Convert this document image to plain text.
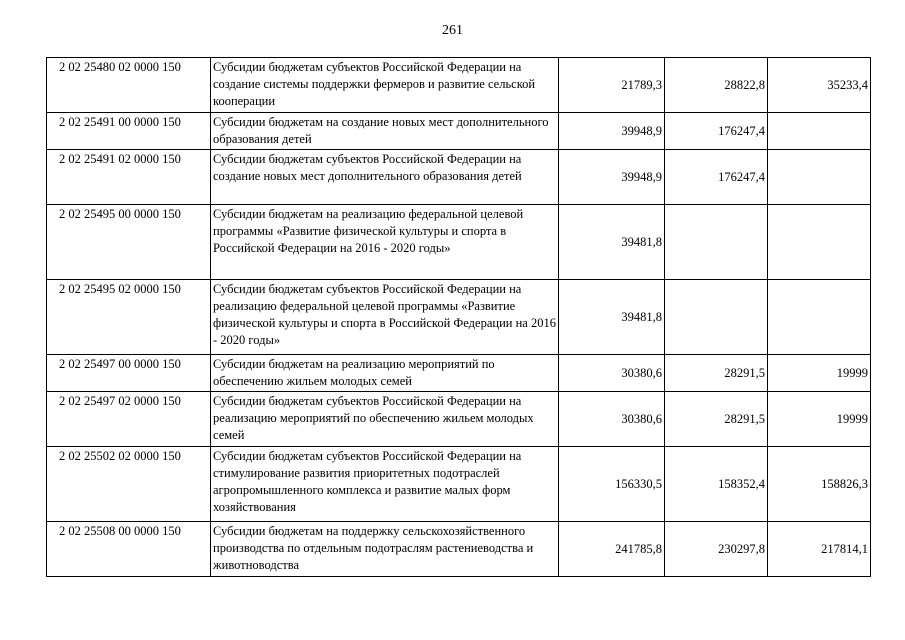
261
2 02 25480 02 0000 150	Субсидии бюджетам субъектов Российской Федерации на создание системы поддержки фермеров и развитие сельской кооперации	21789,3	28822,8	35233,4
2 02 25491 00 0000 150	Субсидии бюджетам на создание новых мест дополнительного образования детей	39948,9	176247,4	
2 02 25491 02 0000 150	Субсидии бюджетам субъектов Российской Федерации на создание новых мест дополнительного образования детей	39948,9	176247,4	
2 02 25495 00 0000 150	Субсидии бюджетам на реализацию федеральной целевой программы «Развитие физической культуры и спорта в Российской Федерации на 2016 - 2020 годы»	39481,8		
2 02 25495 02 0000 150	Субсидии бюджетам субъектов Российской Федерации на реализацию федеральной целевой программы «Развитие физической культуры и спорта в Российской Федерации на 2016 - 2020 годы»	39481,8		
2 02 25497 00 0000 150	Субсидии бюджетам на реализацию мероприятий по обеспечению жильем молодых семей	30380,6	28291,5	19999
2 02 25497 02 0000 150	Субсидии бюджетам субъектов Российской Федерации на реализацию мероприятий по обеспечению жильем молодых семей	30380,6	28291,5	19999
2 02 25502 02 0000 150	Субсидии бюджетам субъектов Российской Федерации на стимулирование развития приоритетных подотраслей агропромышленного комплекса и развитие малых форм хозяйствования	156330,5	158352,4	158826,3
2 02 25508 00 0000 150	Субсидии бюджетам на поддержку сельскохозяйственного производства по отдельным подотраслям растениеводства и животноводства	241785,8	230297,8	217814,1
